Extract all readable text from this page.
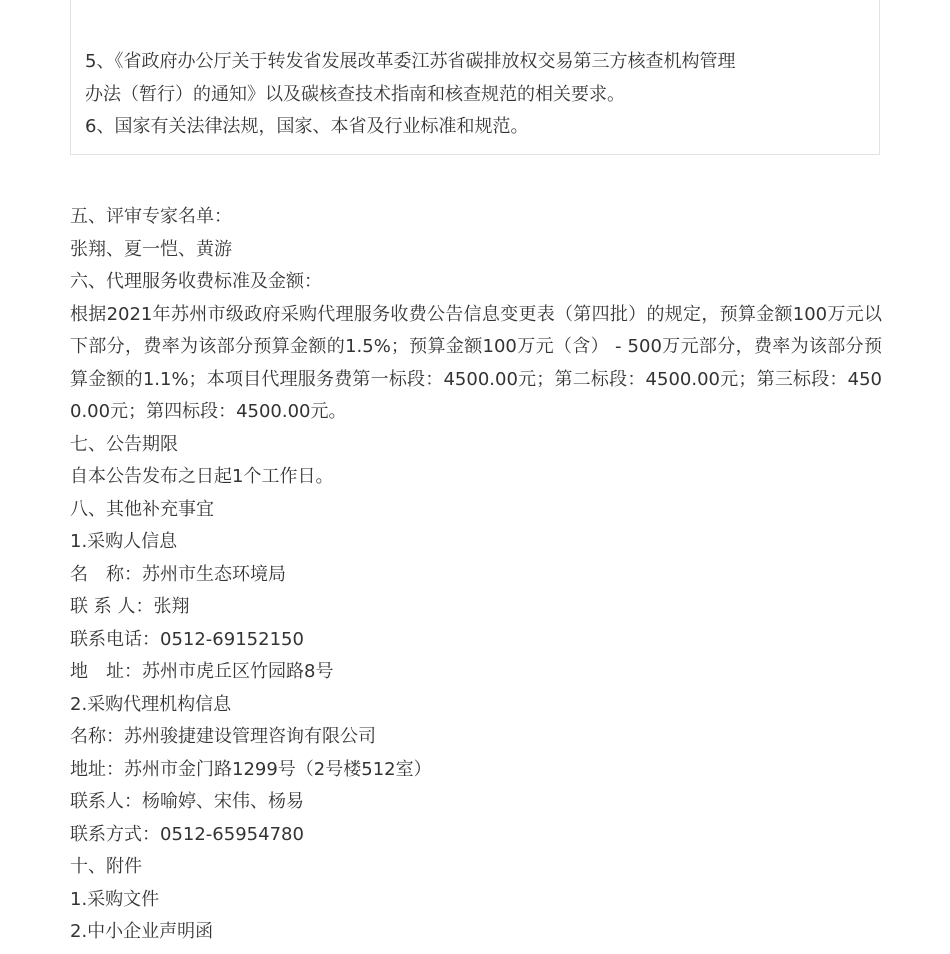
5、《省政府办公厅关于转发省发展改革委江苏省碳排放权交易第三方核查机构管理

办法（暂行）的通知》以及碳核查技术指南和核查规范的相关要求。

6、国家有关法律法规，国家、本省及行业标准和规范。

五、评审专家名单：

张翔、夏一恺、黄游

六、代理服务收费标准及金额：

根据2021年苏州市级政府采购代理服务收费公告信息变更表（第四批）的规定，预算金额100万元以下部分，费率为该部分预算金额的1.5%；预算金额100万元（含） - 500万元部分，费率为该部分预算金额的1.1%；本项目代理服务费第一标段：4500.00元；第二标段：4500.00元；第三标段：4500.00元；第四标段：4500.00元。

七、公告期限

自本公告发布之日起1个工作日。

八、其他补充事宜

1.采购人信息

名　称：苏州市生态环境局

联 系 人：张翔

联系电话：0512-69152150

地　址：苏州市虎丘区竹园路8号

2.采购代理机构信息

名称：苏州骏捷建设管理咨询有限公司

地址：苏州市金门路1299号（2号楼512室）

联系人：杨喻婷、宋伟、杨易

联系方式：0512-65954780

十、附件

1.采购文件

2.中小企业声明函
